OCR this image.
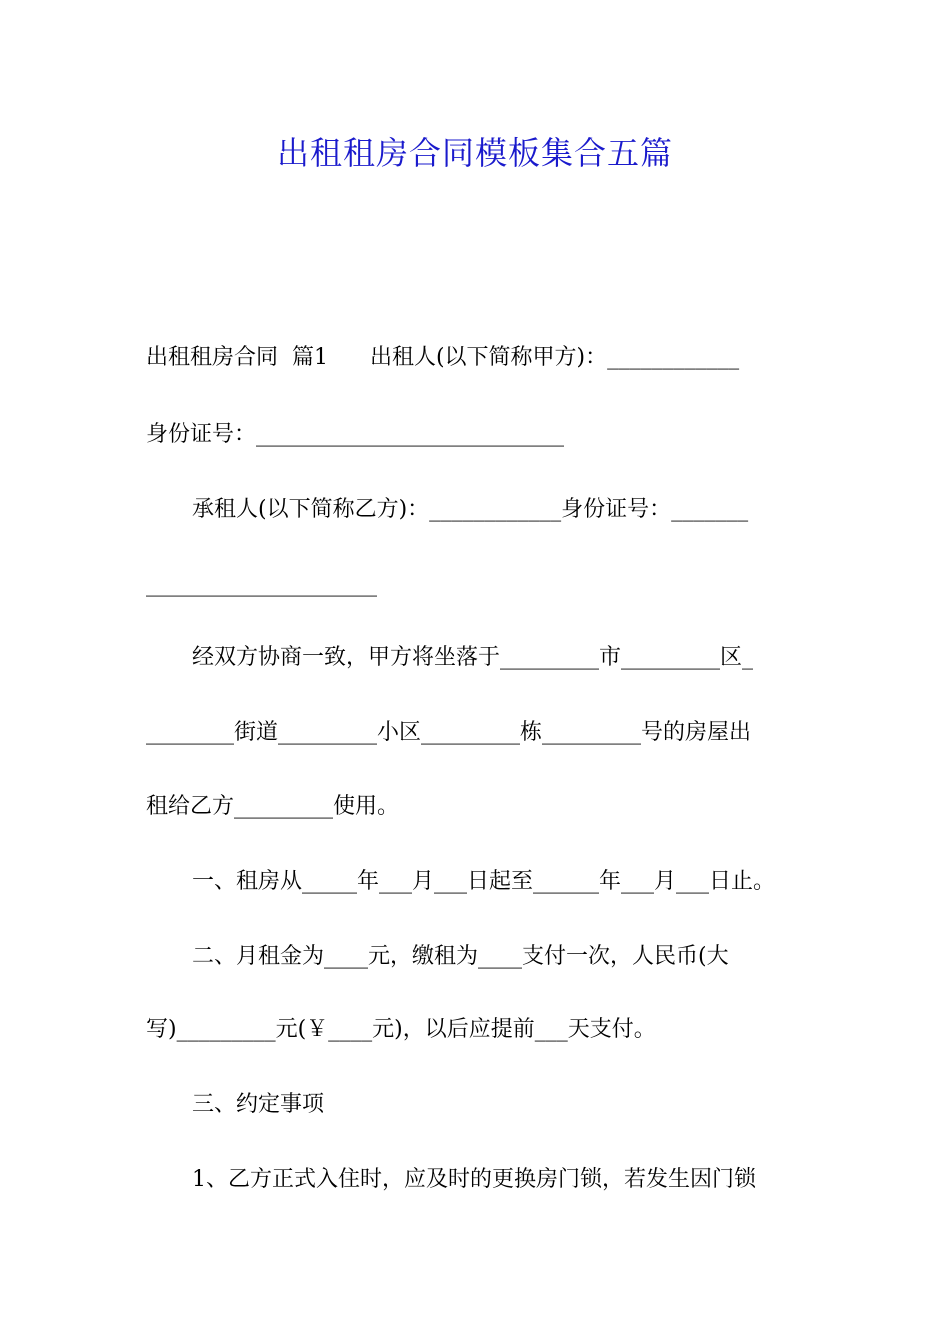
出租租房合同模板集合五篇
出租租房合同  篇1      出租人(以下简称甲方)：____________
身份证号：____________________________
承租人(以下简称乙方)：____________身份证号：_______
_____________________
经双方协商一致，甲方将坐落于_________市_________区_
________街道_________小区_________栋_________号的房屋出
租给乙方_________使用。
一、租房从_____年___月___日起至______年___月___日止。
二、月租金为____元，缴租为____支付一次，人民币(大
写)_________元(￥____元)，以后应提前___天支付。
三、约定事项
1、乙方正式入住时，应及时的更换房门锁，若发生因门锁
